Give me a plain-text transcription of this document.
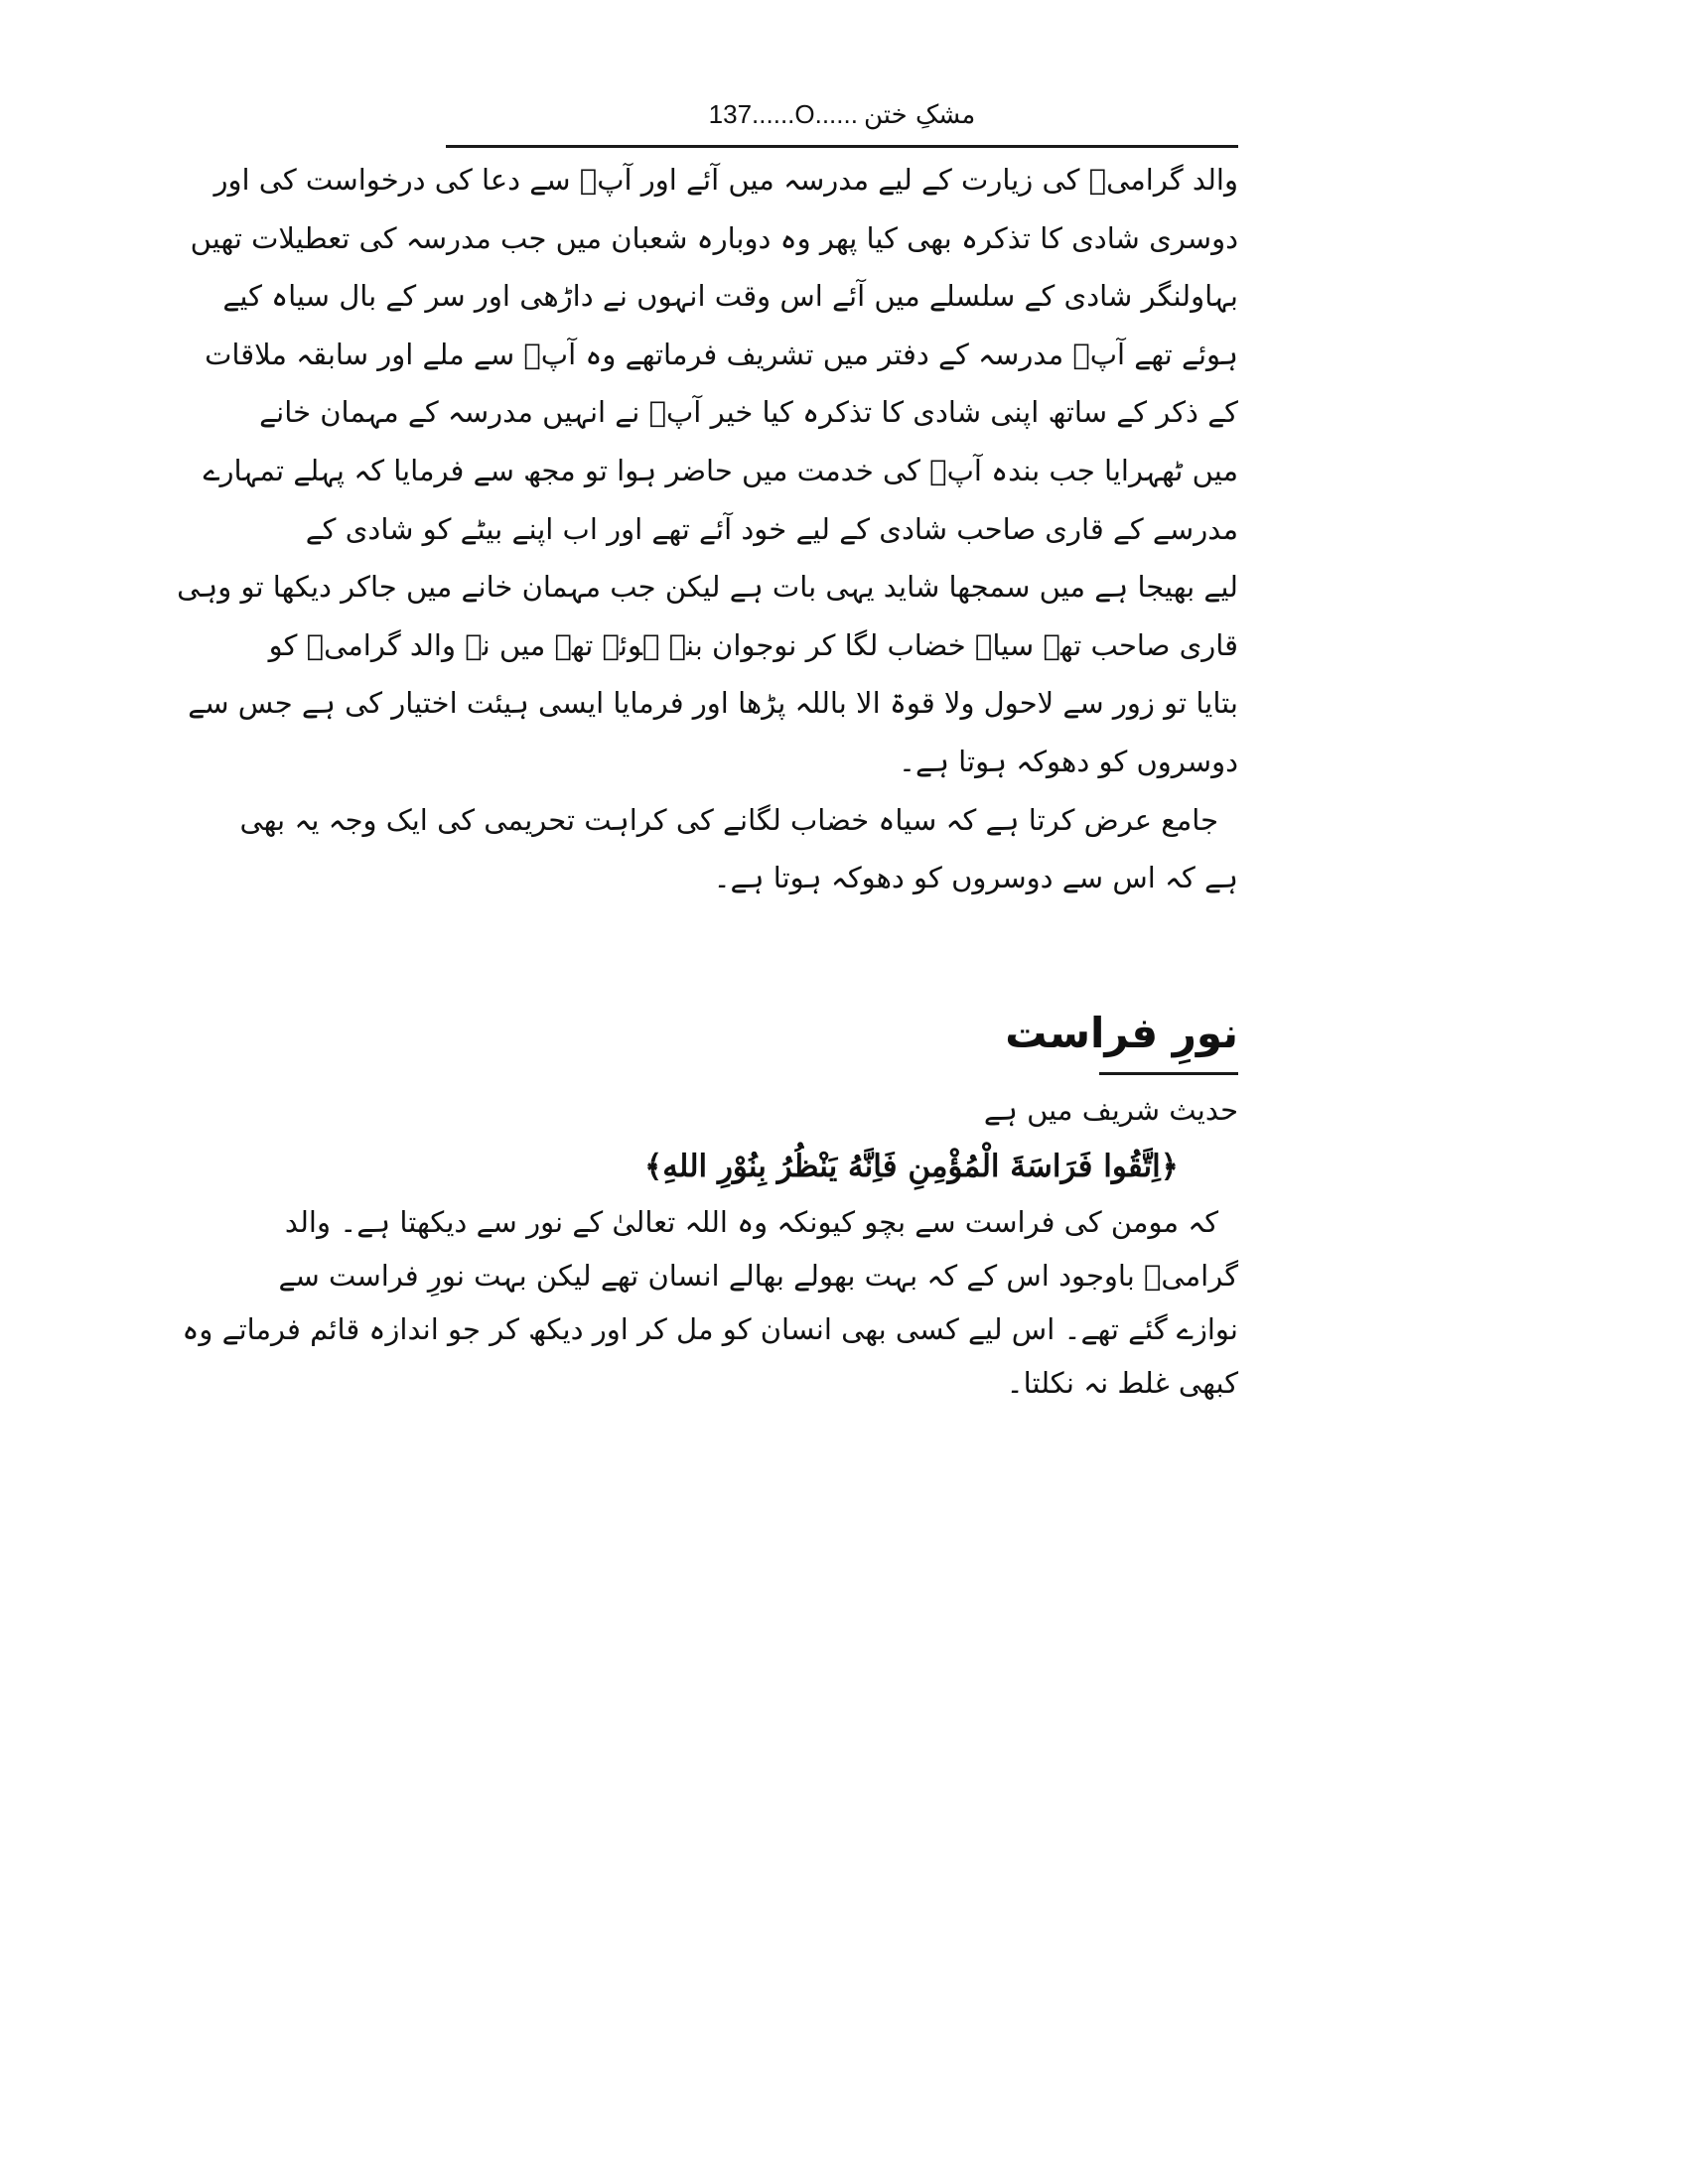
137......O...... مشکِ ختن
والد گرامیؒ کی زیارت کے لیے مدرسہ میں آئے اور آپؒ سے دعا کی درخواست کی اور
دوسری شادی کا تذکرہ بھی کیا پھر وہ دوبارہ شعبان میں جب مدرسہ کی تعطیلات تھیں
بہاولنگر شادی کے سلسلے میں آئے اس وقت انہوں نے داڑھی اور سر کے بال سیاہ کیے
ہوئے تھے آپؒ مدرسہ کے دفتر میں تشریف فرماتھے وہ آپؒ سے ملے اور سابقہ ملاقات
کے ذکر کے ساتھ اپنی شادی کا تذکرہ کیا خیر آپؒ نے انہیں مدرسہ کے مہمان خانے
میں ٹھہرایا جب بندہ آپؒ کی خدمت میں حاضر ہوا تو مجھ سے فرمایا کہ پہلے تمہارے
مدرسے کے قاری صاحب شادی کے لیے خود آئے تھے اور اب اپنے بیٹے کو شادی کے
لیے بھیجا ہے میں سمجھا شاید یہی بات ہے لیکن جب مہمان خانے میں جاکر دیکھا تو وہی
قاری صاحب تھے سیاہ خضاب لگا کر نوجوان بنے ہوئے تھے میں نے والد گرامیؒ کو
بتایا تو زور سے لاحول ولا قوۃ الا باللہ پڑھا اور فرمایا ایسی ہیئت اختیار کی ہے جس سے
دوسروں کو دھوکہ ہوتا ہے۔
جامع عرض کرتا ہے کہ سیاہ خضاب لگانے کی کراہت تحریمی کی ایک وجہ یہ بھی
ہے کہ اس سے دوسروں کو دھوکہ ہوتا ہے۔
نورِ فراست
حدیث شریف میں ہے
﴿اِتَّقُوا فَرَاسَةَ الْمُؤْمِنِ فَاِنَّهُ يَنْظُرُ بِنُوْرِ اللهِ﴾
کہ مومن کی فراست سے بچو کیونکہ وہ اللہ تعالیٰ کے نور سے دیکھتا ہے۔ والد
گرامیؒ باوجود اس کے کہ بہت بھولے بھالے انسان تھے لیکن بہت نورِ فراست سے
نوازے گئے تھے۔ اس لیے کسی بھی انسان کو مل کر اور دیکھ کر جو اندازہ قائم فرماتے وہ
کبھی غلط نہ نکلتا۔
